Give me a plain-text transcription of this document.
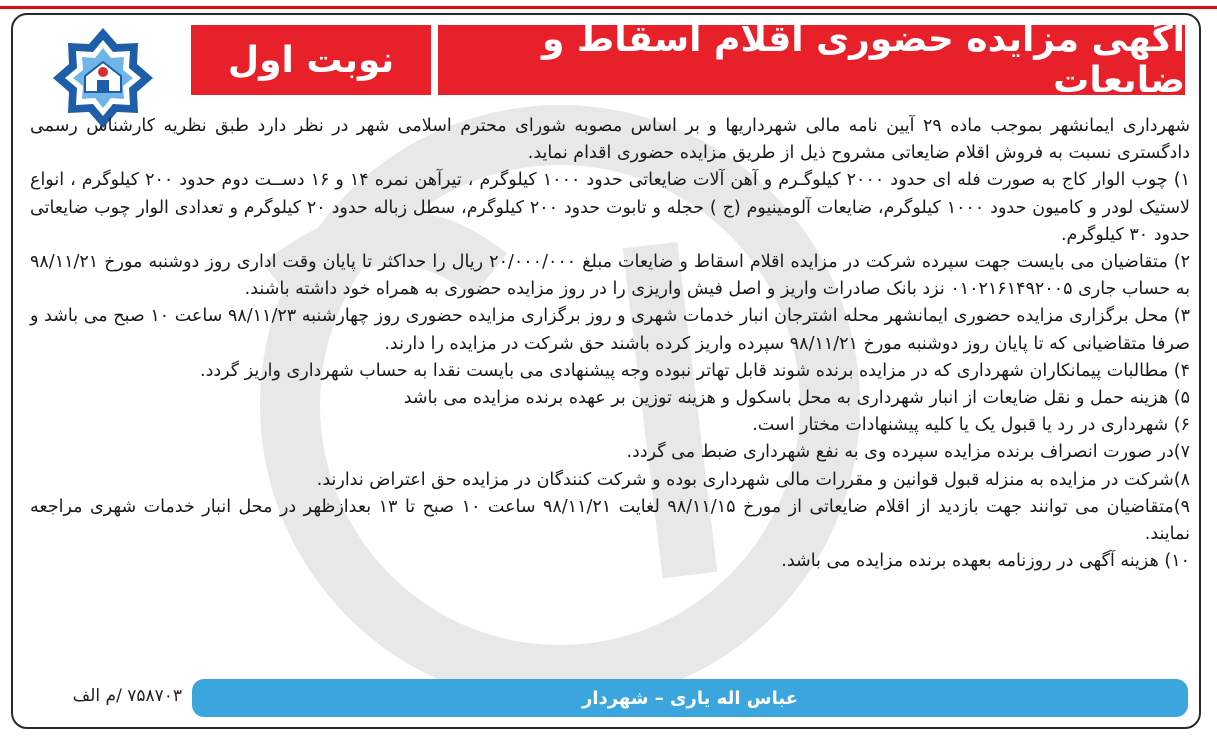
آگهی مزایده حضوری اقلام اسقاط و ضایعات
نوبت اول

شهرداری ایمانشهر بموجب ماده ۲۹ آیین نامه مالی شهرداریها و بر اساس مصوبه شورای محترم اسلامی شهر در نظر دارد طبق نظریه کارشناس رسمی دادگستری نسبت به فروش اقلام ضایعاتی مشروح ذیل از طریق مزایده حضوری اقدام نماید.

۱) چوب الوار کاج به صورت فله ای حدود ۲۰۰۰ کیلوگـرم و آهن آلات ضایعاتی حدود ۱۰۰۰ کیلوگرم ، تیرآهن نمره ۱۴ و ۱۶ دســت دوم حدود ۲۰۰ کیلوگرم ، انواع لاستیک لودر و کامیون حدود ۱۰۰۰ کیلوگرم، ضایعات آلومینیوم (ج ) حجله و تابوت حدود ۲۰۰ کیلوگرم، سطل زباله حدود ۲۰ کیلوگرم و تعدادی الوار چوب ضایعاتی حدود ۳۰ کیلوگرم.

۲) متقاضیان می بایست جهت سپرده شرکت در مزایده اقلام اسقاط و ضایعات مبلغ ۲۰/۰۰۰/۰۰۰ ریال را حداکثر تا پایان وقت اداری روز دوشنبه مورخ ۹۸/۱۱/۲۱ به حساب جاری ۰۱۰۲۱۶۱۴۹۲۰۰۵ نزد بانک صادرات واریز و اصل فیش واریزی را در روز مزایده حضوری به همراه خود داشته باشند.

۳) محل برگزاری مزایده حضوری ایمانشهر محله اشترجان انبار خدمات شهری و روز برگزاری مزایده حضوری روز چهارشنبه ۹۸/۱۱/۲۳ ساعت ۱۰ صبح می باشد و صرفا متقاضیانی که تا پایان روز دوشنبه مورخ ۹۸/۱۱/۲۱ سپرده واریز کرده باشند حق شرکت در مزایده را دارند.

۴) مطالبات پیمانکاران شهرداری که در مزایده برنده شوند قابل تهاتر نبوده وجه پیشنهادی می بایست نقدا به حساب شهرداری واریز گردد.

۵) هزینه حمل و نقل ضایعات از انبار شهرداری به محل باسکول و هزینه توزین بر عهده برنده مزایده می باشد

۶) شهرداری در رد یا قبول یک یا کلیه پیشنهادات مختار است.

۷)در صورت انصراف برنده مزایده سپرده وی به نفع شهرداری ضبط می گردد.

۸)شرکت در مزایده به منزله قبول قوانین و مقررات مالی شهرداری بوده و شرکت کنندگان در مزایده حق اعتراض ندارند.

۹)متقاضیان می توانند جهت بازدید از اقلام ضایعاتی از مورخ ۹۸/۱۱/۱۵ لغایت ۹۸/۱۱/۲۱ ساعت ۱۰ صبح تا ۱۳ بعدازظهر در محل انبار خدمات شهری مراجعه نمایند.

۱۰) هزینه آگهی در روزنامه بعهده برنده مزایده می باشد.

عباس اله یاری – شهردار
۷۵۸۷۰۳ /م الف
